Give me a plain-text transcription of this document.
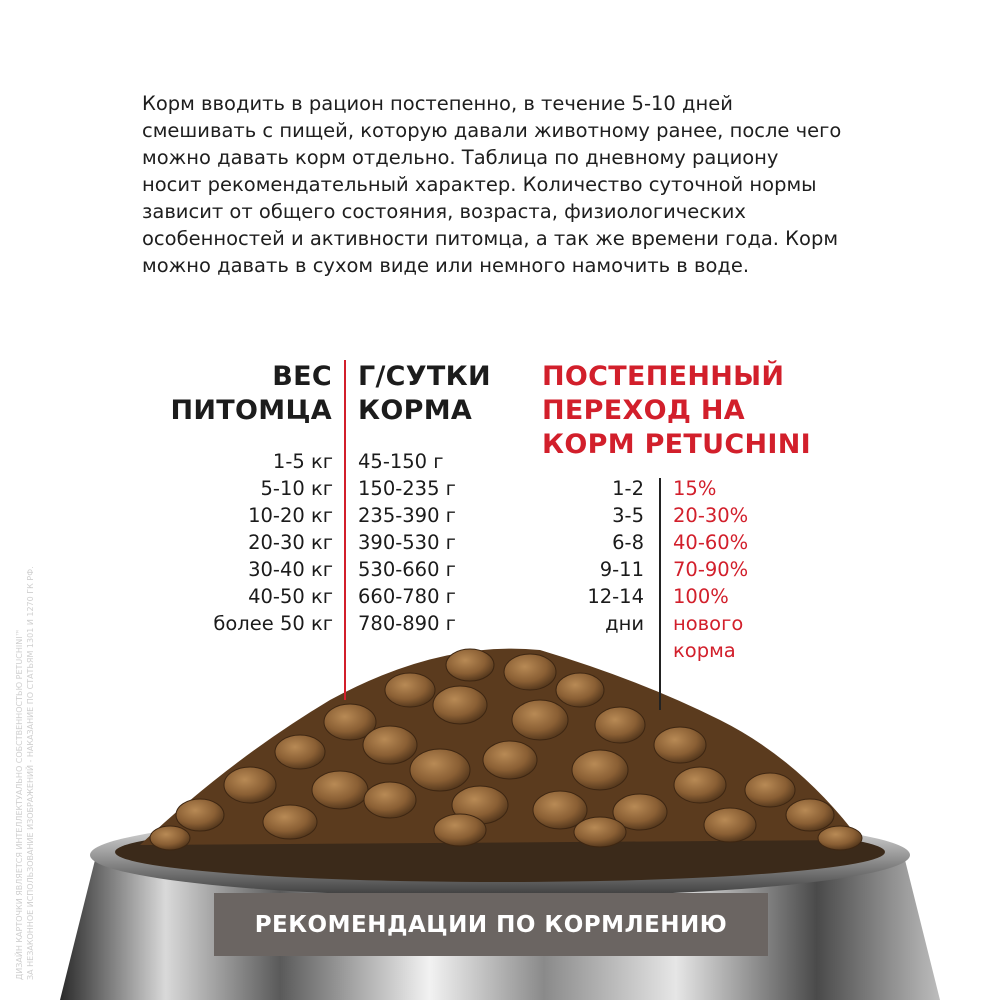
Корм вводить в рацион постепенно, в течение 5-10 дней
смешивать с пищей, которую давали животному ранее, после чего
можно давать корм отдельно. Таблица по дневному рациону
носит рекомендательный характер. Количество суточной нормы
зависит от общего состояния, возраста, физиологических
особенностей и активности питомца, а так же времени года. Корм
можно давать в сухом виде или немного намочить в воде.

ДИЗАЙН КАРТОЧКИ ЯВЛЯЕТСЯ ИНТЕЛЛЕКТУАЛЬНО СОБСТВЕННОСТЬЮ PETUCHINI™
ЗА НЕЗАКОННОЕ ИСПОЛЬЗОВАНИЕ ИЗОБРАЖЕНИЙ - НАКАЗАНИЕ ПО СТАТЬЯМ 1301 И 1270 ГК РФ.
ВЕС
ПИТОМЦА
Г/СУТКИ
КОРМА
ПОСТЕПЕННЫЙ
ПЕРЕХОД НА
КОРМ PETUCHINI
1-5 кг
5-10 кг
10-20 кг
20-30 кг
30-40 кг
40-50 кг
более 50 кг
45-150 г
150-235 г
235-390 г
390-530 г
530-660 г
660-780 г
780-890 г
1-2
3-5
6-8
9-11
12-14
дни
15%
20-30%
40-60%
70-90%
100%
нового корма
РЕКОМЕНДАЦИИ ПО КОРМЛЕНИЮ
